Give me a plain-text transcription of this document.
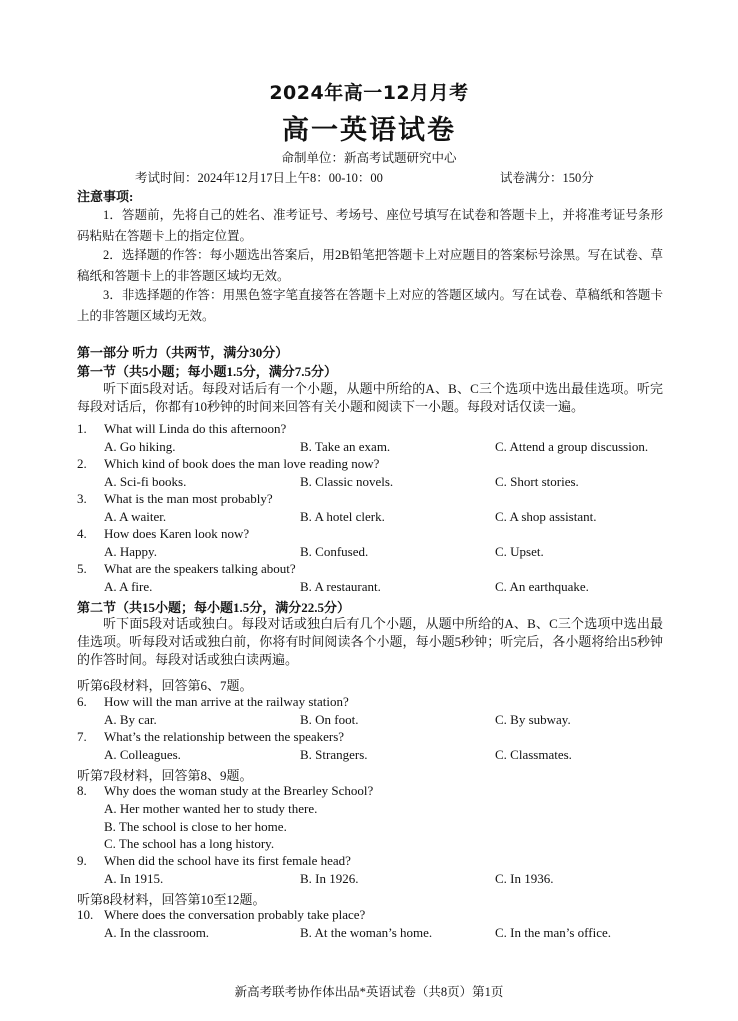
2024年高一12月月考
高一英语试卷
命制单位：新高考试题研究中心
考试时间：2024年12月17日上午8：00-10：00	试卷满分：150分
注意事项:
1．答题前，先将自己的姓名、准考证号、考场号、座位号填写在试卷和答题卡上，并将准考证号条形码粘贴在答题卡上的指定位置。
2．选择题的作答：每小题选出答案后，用2B铅笔把答题卡上对应题目的答案标号涂黑。写在试卷、草稿纸和答题卡上的非答题区域均无效。
3．非选择题的作答：用黑色签字笔直接答在答题卡上对应的答题区域内。写在试卷、草稿纸和答题卡上的非答题区域均无效。
第一部分 听力（共两节，满分30分）
第一节（共5小题；每小题1.5分，满分7.5分）
听下面5段对话。每段对话后有一个小题，从题中所给的A、B、C三个选项中选出最佳选项。听完每段对话后，你都有10秒钟的时间来回答有关小题和阅读下一小题。每段对话仅读一遍。
1. What will Linda do this afternoon?
A. Go hiking.	B. Take an exam.	C. Attend a group discussion.
2. Which kind of book does the man love reading now?
A. Sci-fi books.	B. Classic novels.	C. Short stories.
3. What is the man most probably?
A. A waiter.	B. A hotel clerk.	C. A shop assistant.
4. How does Karen look now?
A. Happy.	B. Confused.	C. Upset.
5. What are the speakers talking about?
A. A fire.	B. A restaurant.	C. An earthquake.
第二节（共15小题；每小题1.5分，满分22.5分）
听下面5段对话或独白。每段对话或独白后有几个小题，从题中所给的A、B、C三个选项中选出最佳选项。听每段对话或独白前，你将有时间阅读各个小题，每小题5秒钟；听完后，各小题将给出5秒钟的作答时间。每段对话或独白读两遍。
听第6段材料，回答第6、7题。
6. How will the man arrive at the railway station?
A. By car.	B. On foot.	C. By subway.
7. What’s the relationship between the speakers?
A. Colleagues.	B. Strangers.	C. Classmates.
听第7段材料，回答第8、9题。
8. Why does the woman study at the Brearley School?
A. Her mother wanted her to study there.
B. The school is close to her home.
C. The school has a long history.
9. When did the school have its first female head?
A. In 1915.	B. In 1926.	C. In 1936.
听第8段材料，回答第10至12题。
10. Where does the conversation probably take place?
A. In the classroom.	B. At the woman’s home.	C. In the man’s office.
新高考联考协作体出品*英语试卷（共8页）第1页
